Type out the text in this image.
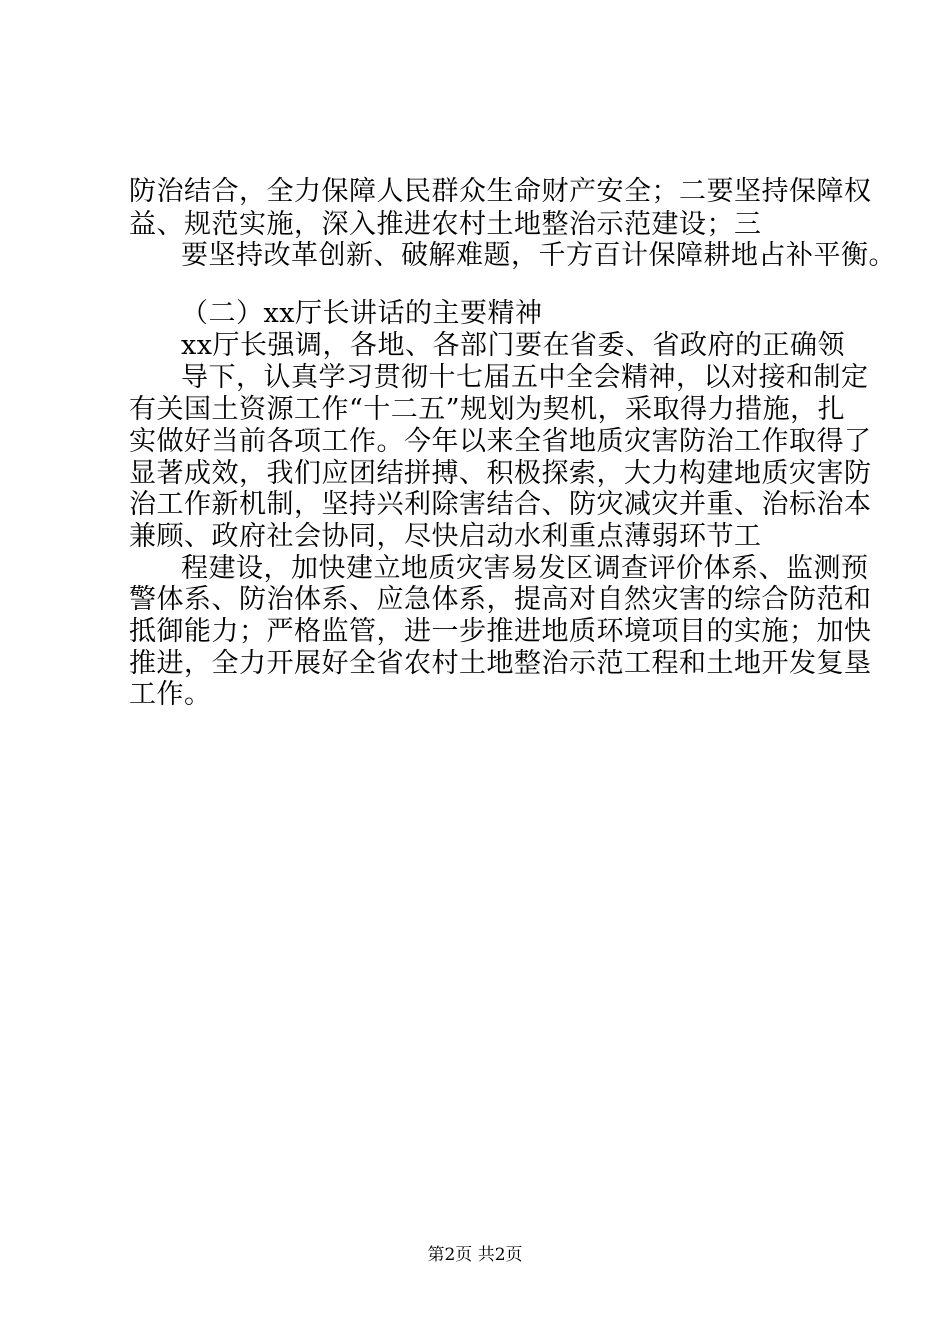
防治结合，全力保障人民群众生命财产安全；二要坚持保障权
益、规范实施，深入推进农村土地整治示范建设；三
要坚持改革创新、破解难题，千方百计保障耕地占补平衡。
（二）xx厅长讲话的主要精神
xx厅长强调，各地、各部门要在省委、省政府的正确领
导下，认真学习贯彻十七届五中全会精神，以对接和制定
有关国土资源工作“十二五”规划为契机，采取得力措施，扎
实做好当前各项工作。今年以来全省地质灾害防治工作取得了
显著成效，我们应团结拼搏、积极探索，大力构建地质灾害防
治工作新机制，坚持兴利除害结合、防灾减灾并重、治标治本
兼顾、政府社会协同，尽快启动水利重点薄弱环节工
程建设，加快建立地质灾害易发区调查评价体系、监测预
警体系、防治体系、应急体系，提高对自然灾害的综合防范和
抵御能力；严格监管，进一步推进地质环境项目的实施；加快
推进，全力开展好全省农村土地整治示范工程和土地开发复垦
工作。
第2页 共2页
